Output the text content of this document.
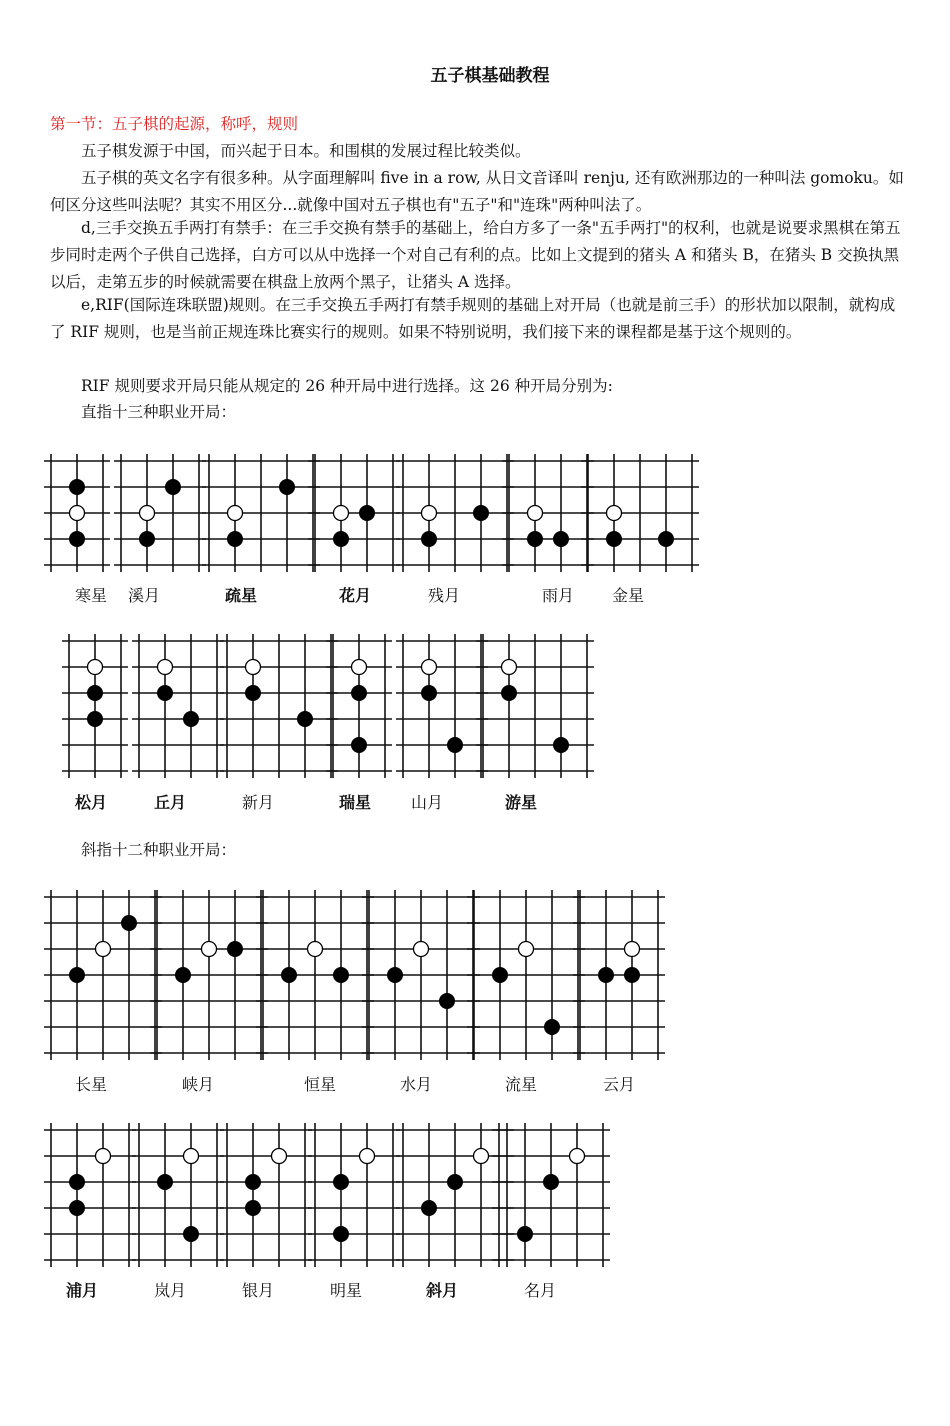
五子棋基础教程

第一节：五子棋的起源，称呼，规则

　　五子棋发源于中国，而兴起于日本。和围棋的发展过程比较类似。

　　五子棋的英文名字有很多种。从字面理解叫 five in a row, 从日文音译叫 renju, 还有欧洲那边的一种叫法 gomoku。如何区分这些叫法呢？其实不用区分...就像中国对五子棋也有"五子"和"连珠"两种叫法了。

　　d,三手交换五手两打有禁手：在三手交换有禁手的基础上，给白方多了一条"五手两打"的权利，也就是说要求黑棋在第五步同时走两个子供自己选择，白方可以从中选择一个对自己有利的点。比如上文提到的猪头 A 和猪头 B，在猪头 B 交换执黑以后，走第五步的时候就需要在棋盘上放两个黑子，让猪头 A 选择。

　　e,RIF(国际连珠联盟)规则。在三手交换五手两打有禁手规则的基础上对开局（也就是前三手）的形状加以限制，就构成了 RIF 规则，也是当前正规连珠比赛实行的规则。如果不特别说明，我们接下来的课程都是基于这个规则的。

　　RIF 规则要求开局只能从规定的 26 种开局中进行选择。这 26 种开局分别为:

　　直指十三种职业开局：

　　斜指十二种职业开局：

寒星 溪月	疏星	花月	残月	雨月 金星
松月	丘月	新月	瑞星 山月	游星
长星	峡月	恒星	水月	流星	云月
浦月	岚月	银月	明星	斜月	名月
